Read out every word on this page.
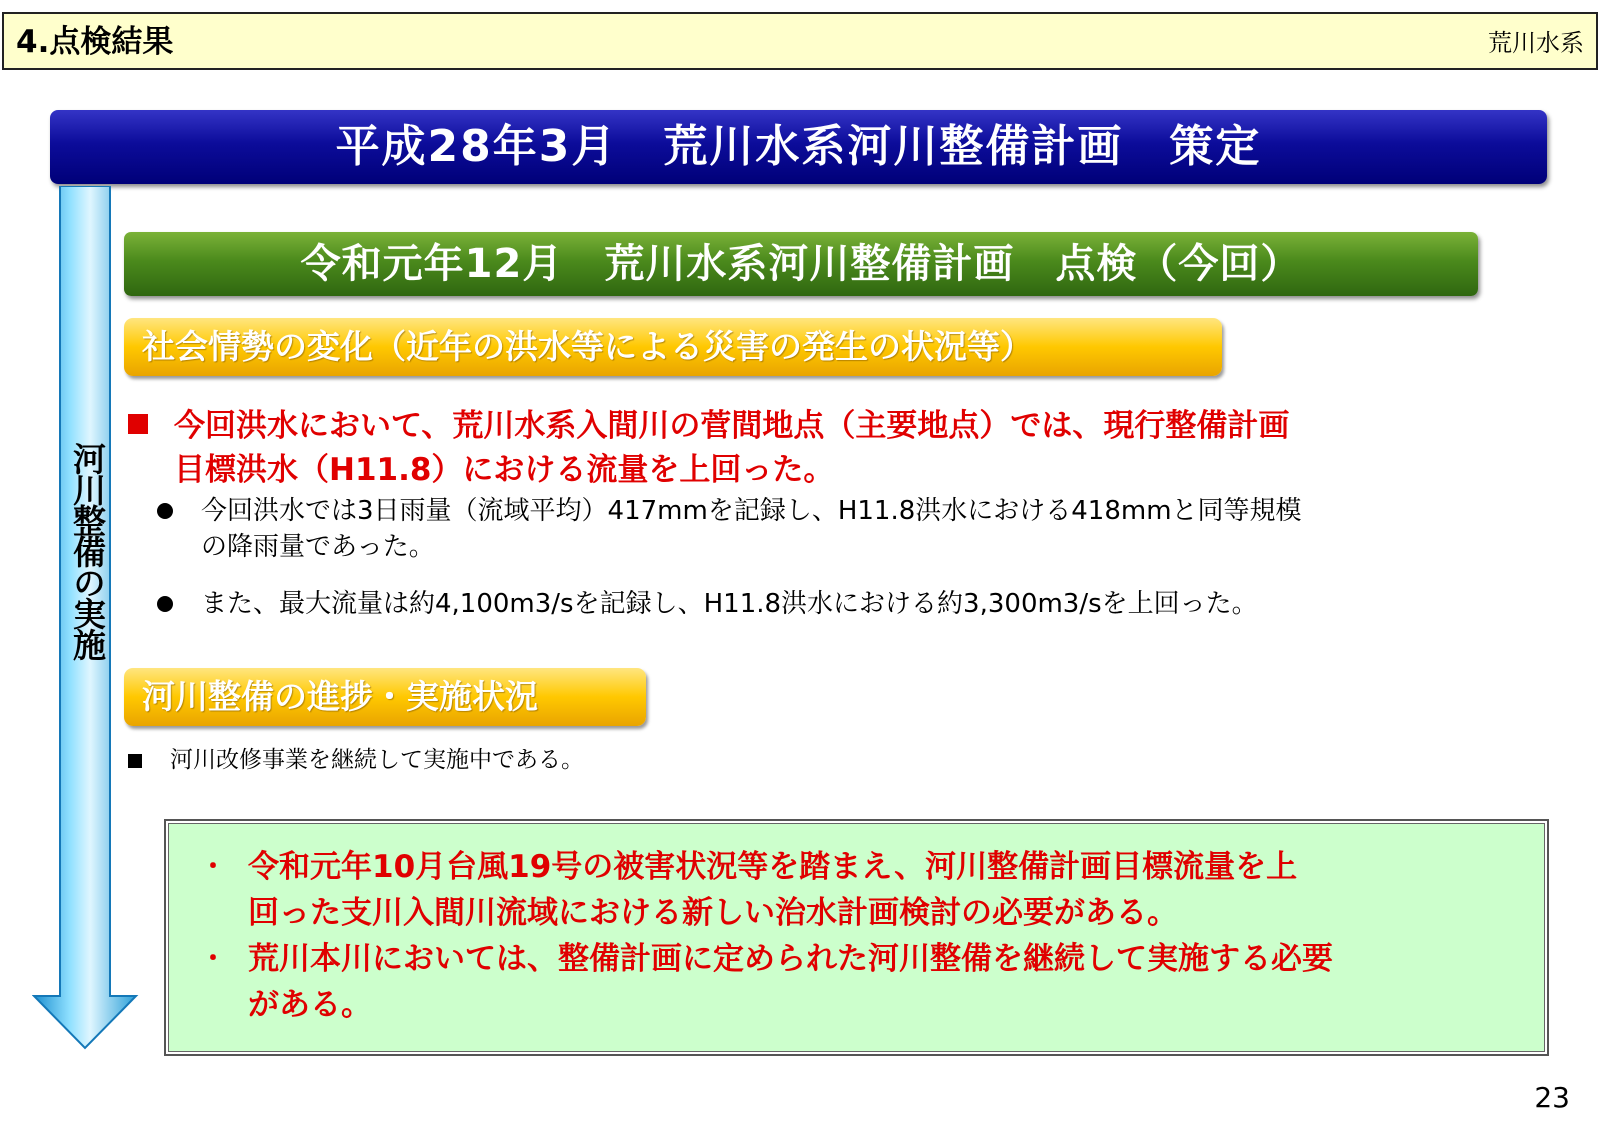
4.点検結果	荒川水系
平成28年3月　荒川水系河川整備計画　策定
河川整備の実施
令和元年12月　荒川水系河川整備計画　点検（今回）
社会情勢の変化（近年の洪水等による災害の発生の状況等）
今回洪水において、荒川水系入間川の菅間地点（主要地点）では、現行整備計画
目標洪水（H11.8）における流量を上回った。
今回洪水では3日雨量（流域平均）417mmを記録し、H11.8洪水における418mmと同等規模
の降雨量であった。
また、最大流量は約4,100m3/sを記録し、H11.8洪水における約3,300m3/sを上回った。
河川整備の進捗・実施状況
河川改修事業を継続して実施中である。
・ 令和元年10月台風19号の被害状況等を踏まえ、河川整備計画目標流量を上
回った支川入間川流域における新しい治水計画検討の必要がある。
・ 荒川本川においては、整備計画に定められた河川整備を継続して実施する必要
がある。
23
